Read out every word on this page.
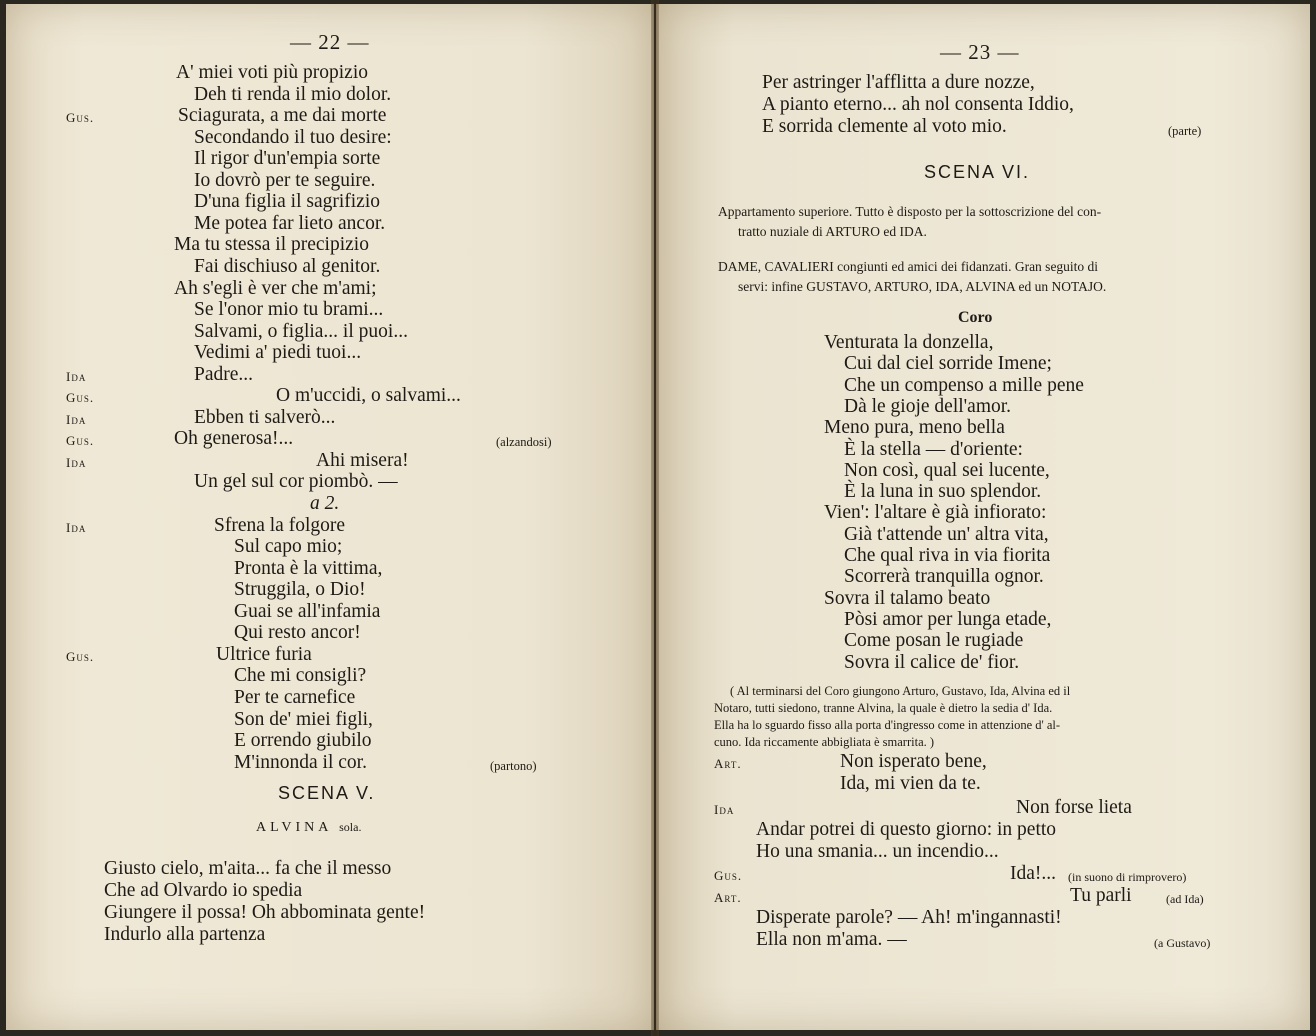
— 22 —
A' miei voti più propizio
Deh ti renda il mio dolor.
Gus.	Sciagurata, a me dai morte
Secondando il tuo desire:
Il rigor d'un'empia sorte
Io dovrò per te seguire.
D'una figlia il sagrifizio
Me potea far lieto ancor.
Ma tu stessa il precipizio
Fai dischiuso al genitor.
Ah s'egli è ver che m'ami;
Se l'onor mio tu brami...
Salvami, o figlia... il puoi...
Vedimi a' piedi tuoi...
Ida	Padre...
Gus.	O m'uccidi, o salvami...
Ida	Ebben ti salverò...
Gus.	Oh generosa!...	(alzandosi)
Ida	Ahi misera!
Un gel sul cor piombò. —
a 2.
Ida	Sfrena la folgore
Sul capo mio;
Pronta è la vittima,
Struggila, o Dio!
Guai se all'infamia
Qui resto ancor!
Gus.	Ultrice furia
Che mi consigli?
Per te carnefice
Son de' miei figli,
E orrendo giubilo
M'innonda il cor.	(partono)
SCENA V.
ALVINA sola.
Giusto cielo, m'aita... fa che il messo
Che ad Olvardo io spedia
Giungere il possa! Oh abbominata gente!
Indurlo alla partenza
— 23 —
Per astringer l'afflitta a dure nozze,
A pianto eterno... ah nol consenta Iddio,
E sorrida clemente al voto mio.	(parte)
SCENA VI.
Appartamento superiore. Tutto è disposto per la sottoscrizione del con-
tratto nuziale di ARTURO ed IDA.
DAME, CAVALIERI congiunti ed amici dei fidanzati. Gran seguito di
servi: infine GUSTAVO, ARTURO, IDA, ALVINA ed un NOTAJO.
Coro
Venturata la donzella,
Cui dal ciel sorride Imene;
Che un compenso a mille pene
Dà le gioje dell'amor.
Meno pura, meno bella
È la stella — d'oriente:
Non così, qual sei lucente,
È la luna in suo splendor.
Vien': l'altare è già infiorato:
Già t'attende un' altra vita,
Che qual riva in via fiorita
Scorrerà tranquilla ognor.
Sovra il talamo beato
Pòsi amor per lunga etade,
Come posan le rugiade
Sovra il calice de' fior.
( Al terminarsi del Coro giungono Arturo, Gustavo, Ida, Alvina ed il
Notaro, tutti siedono, tranne Alvina, la quale è dietro la sedia d' Ida.
Ella ha lo sguardo fisso alla porta d'ingresso come in attenzione d' al-
cuno. Ida riccamente abbigliata è smarrita. )
Art.	Non isperato bene,
Ida, mi vien da te.
Ida	Non forse lieta
Andar potrei di questo giorno: in petto
Ho una smania... un incendio...
Gus.	Ida!... (in suono di rimprovero)
Art.	Tu parli	(ad Ida)
Disperate parole? — Ah! m'ingannasti!
Ella non m'ama. —	(a Gustavo)
